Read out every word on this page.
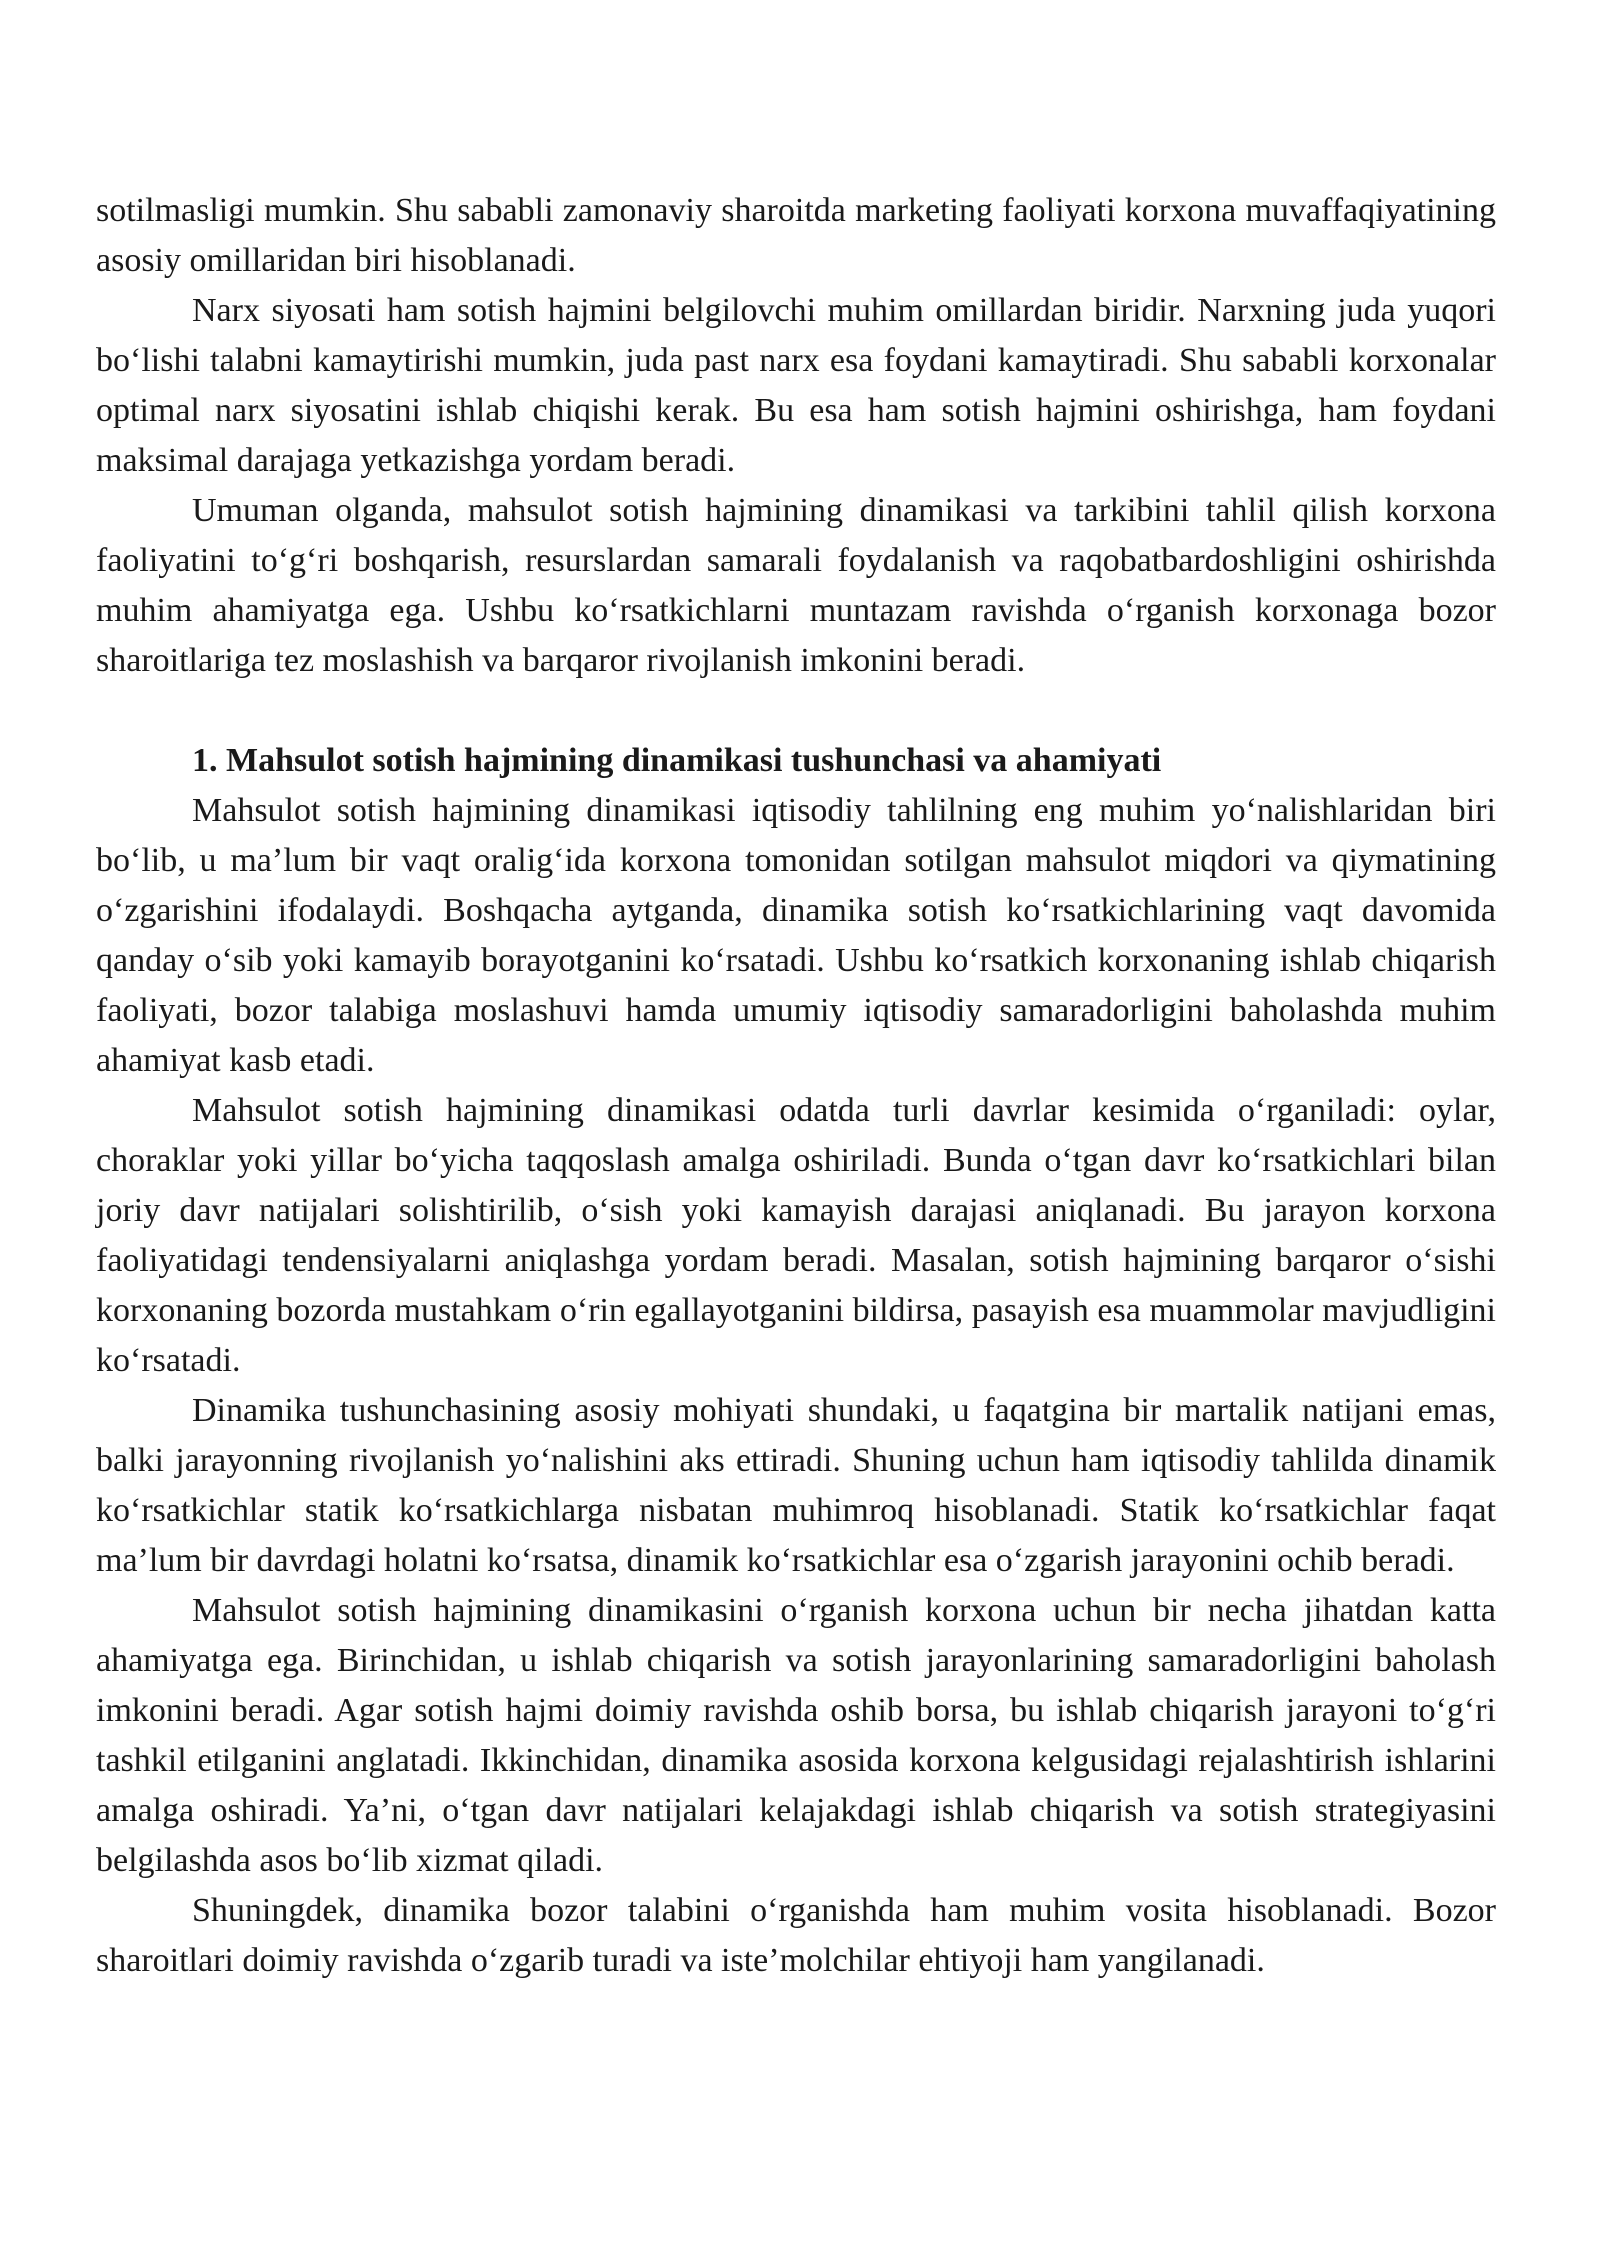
sotilmasligi mumkin. Shu sababli zamonaviy sharoitda marketing faoliyati korxona muvaffaqiyatining asosiy omillaridan biri hisoblanadi.

Narx siyosati ham sotish hajmini belgilovchi muhim omillardan biridir. Narxning juda yuqori bo‘lishi talabni kamaytirishi mumkin, juda past narx esa foydani kamaytiradi. Shu sababli korxonalar optimal narx siyosatini ishlab chiqishi kerak. Bu esa ham sotish hajmini oshirishga, ham foydani maksimal darajaga yetkazishga yordam beradi.

Umuman olganda, mahsulot sotish hajmining dinamikasi va tarkibini tahlil qilish korxona faoliyatini to‘g‘ri boshqarish, resurslardan samarali foydalanish va raqobatbardoshligini oshirishda muhim ahamiyatga ega. Ushbu ko‘rsatkichlarni muntazam ravishda o‘rganish korxonaga bozor sharoitlariga tez moslashish va barqaror rivojlanish imkonini beradi.

1. Mahsulot sotish hajmining dinamikasi tushunchasi va ahamiyati

Mahsulot sotish hajmining dinamikasi iqtisodiy tahlilning eng muhim yo‘nalishlaridan biri bo‘lib, u ma’lum bir vaqt oralig‘ida korxona tomonidan sotilgan mahsulot miqdori va qiymatining o‘zgarishini ifodalaydi. Boshqacha aytganda, dinamika sotish ko‘rsatkichlarining vaqt davomida qanday o‘sib yoki kamayib borayotganini ko‘rsatadi. Ushbu ko‘rsatkich korxonaning ishlab chiqarish faoliyati, bozor talabiga moslashuvi hamda umumiy iqtisodiy samaradorligini baholashda muhim ahamiyat kasb etadi.

Mahsulot sotish hajmining dinamikasi odatda turli davrlar kesimida o‘rganiladi: oylar, choraklar yoki yillar bo‘yicha taqqoslash amalga oshiriladi. Bunda o‘tgan davr ko‘rsatkichlari bilan joriy davr natijalari solishtirilib, o‘sish yoki kamayish darajasi aniqlanadi. Bu jarayon korxona faoliyatidagi tendensiyalarni aniqlashga yordam beradi. Masalan, sotish hajmining barqaror o‘sishi korxonaning bozorda mustahkam o‘rin egallayotganini bildirsa, pasayish esa muammolar mavjudligini ko‘rsatadi.

Dinamika tushunchasining asosiy mohiyati shundaki, u faqatgina bir martalik natijani emas, balki jarayonning rivojlanish yo‘nalishini aks ettiradi. Shuning uchun ham iqtisodiy tahlilda dinamik ko‘rsatkichlar statik ko‘rsatkichlarga nisbatan muhimroq hisoblanadi. Statik ko‘rsatkichlar faqat ma’lum bir davrdagi holatni ko‘rsatsa, dinamik ko‘rsatkichlar esa o‘zgarish jarayonini ochib beradi.

Mahsulot sotish hajmining dinamikasini o‘rganish korxona uchun bir necha jihatdan katta ahamiyatga ega. Birinchidan, u ishlab chiqarish va sotish jarayonlarining samaradorligini baholash imkonini beradi. Agar sotish hajmi doimiy ravishda oshib borsa, bu ishlab chiqarish jarayoni to‘g‘ri tashkil etilganini anglatadi. Ikkinchidan, dinamika asosida korxona kelgusidagi rejalashtirish ishlarini amalga oshiradi. Ya’ni, o‘tgan davr natijalari kelajakdagi ishlab chiqarish va sotish strategiyasini belgilashda asos bo‘lib xizmat qiladi.

Shuningdek, dinamika bozor talabini o‘rganishda ham muhim vosita hisoblanadi. Bozor sharoitlari doimiy ravishda o‘zgarib turadi va iste’molchilar ehtiyoji ham yangilanadi.
